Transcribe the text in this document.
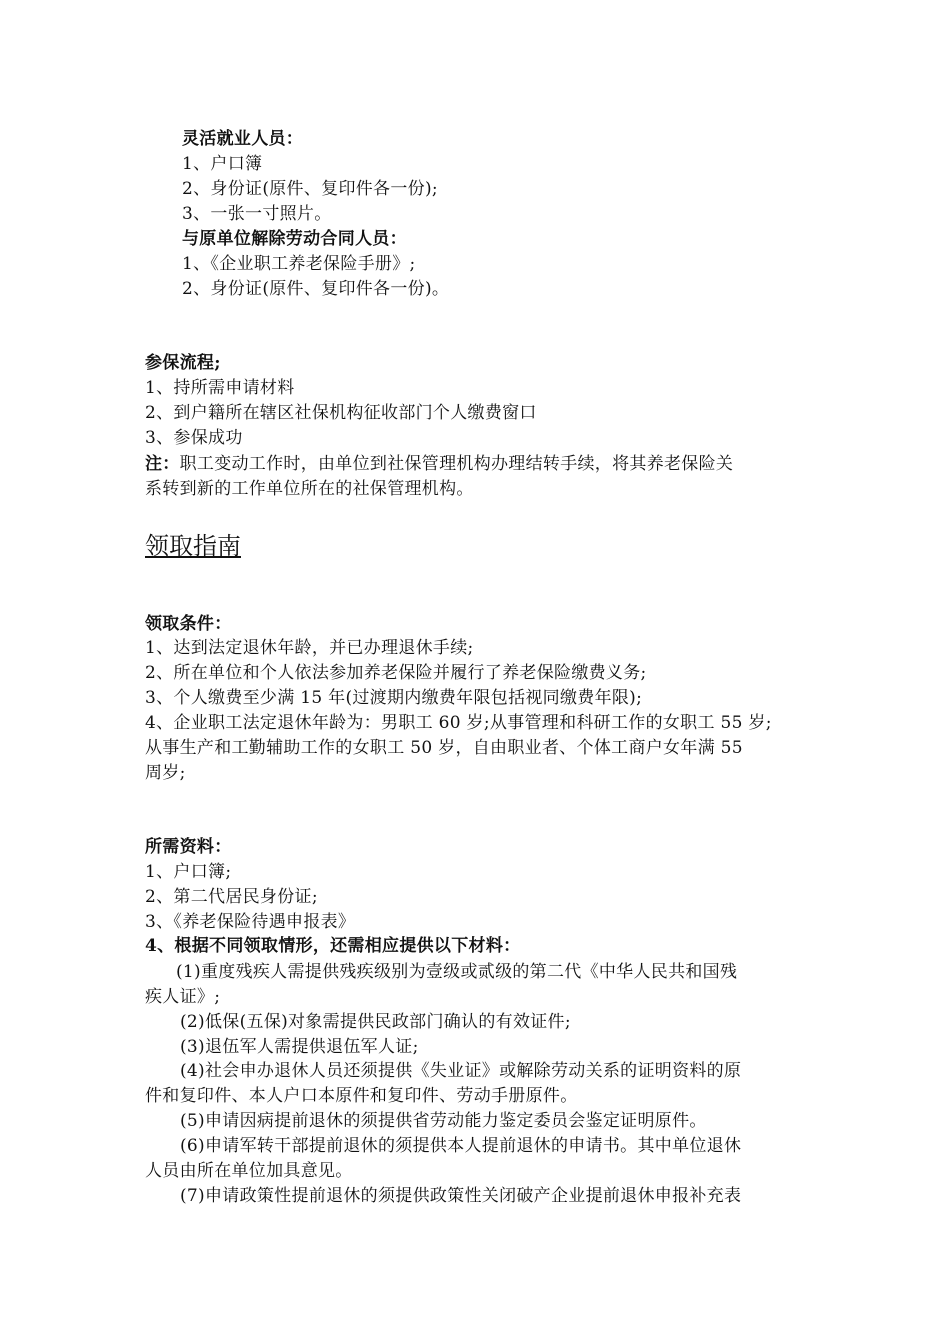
灵活就业人员：

1、户口簿

2、身份证(原件、复印件各一份);

3、一张一寸照片。

与原单位解除劳动合同人员：

1、《企业职工养老保险手册》;

2、身份证(原件、复印件各一份)。

参保流程;

1、持所需申请材料

2、到户籍所在辖区社保机构征收部门个人缴费窗口

3、参保成功

注：职工变动工作时，由单位到社保管理机构办理结转手续，将其养老保险关

系转到新的工作单位所在的社保管理机构。

领取指南

领取条件：

1、达到法定退休年龄，并已办理退休手续;

2、所在单位和个人依法参加养老保险并履行了养老保险缴费义务;

3、个人缴费至少满 15 年(过渡期内缴费年限包括视同缴费年限);

4、企业职工法定退休年龄为：男职工 60 岁;从事管理和科研工作的女职工 55 岁;

从事生产和工勤辅助工作的女职工 50 岁，自由职业者、个体工商户女年满 55

周岁;

所需资料：

1、户口簿;

2、第二代居民身份证;

3、《养老保险待遇申报表》

4、根据不同领取情形，还需相应提供以下材料：

(1)重度残疾人需提供残疾级别为壹级或贰级的第二代《中华人民共和国残

疾人证》;

(2)低保(五保)对象需提供民政部门确认的有效证件;

(3)退伍军人需提供退伍军人证;

(4)社会申办退休人员还须提供《失业证》或解除劳动关系的证明资料的原

件和复印件、本人户口本原件和复印件、劳动手册原件。

(5)申请因病提前退休的须提供省劳动能力鉴定委员会鉴定证明原件。

(6)申请军转干部提前退休的须提供本人提前退休的申请书。其中单位退休

人员由所在单位加具意见。

(7)申请政策性提前退休的须提供政策性关闭破产企业提前退休申报补充表
